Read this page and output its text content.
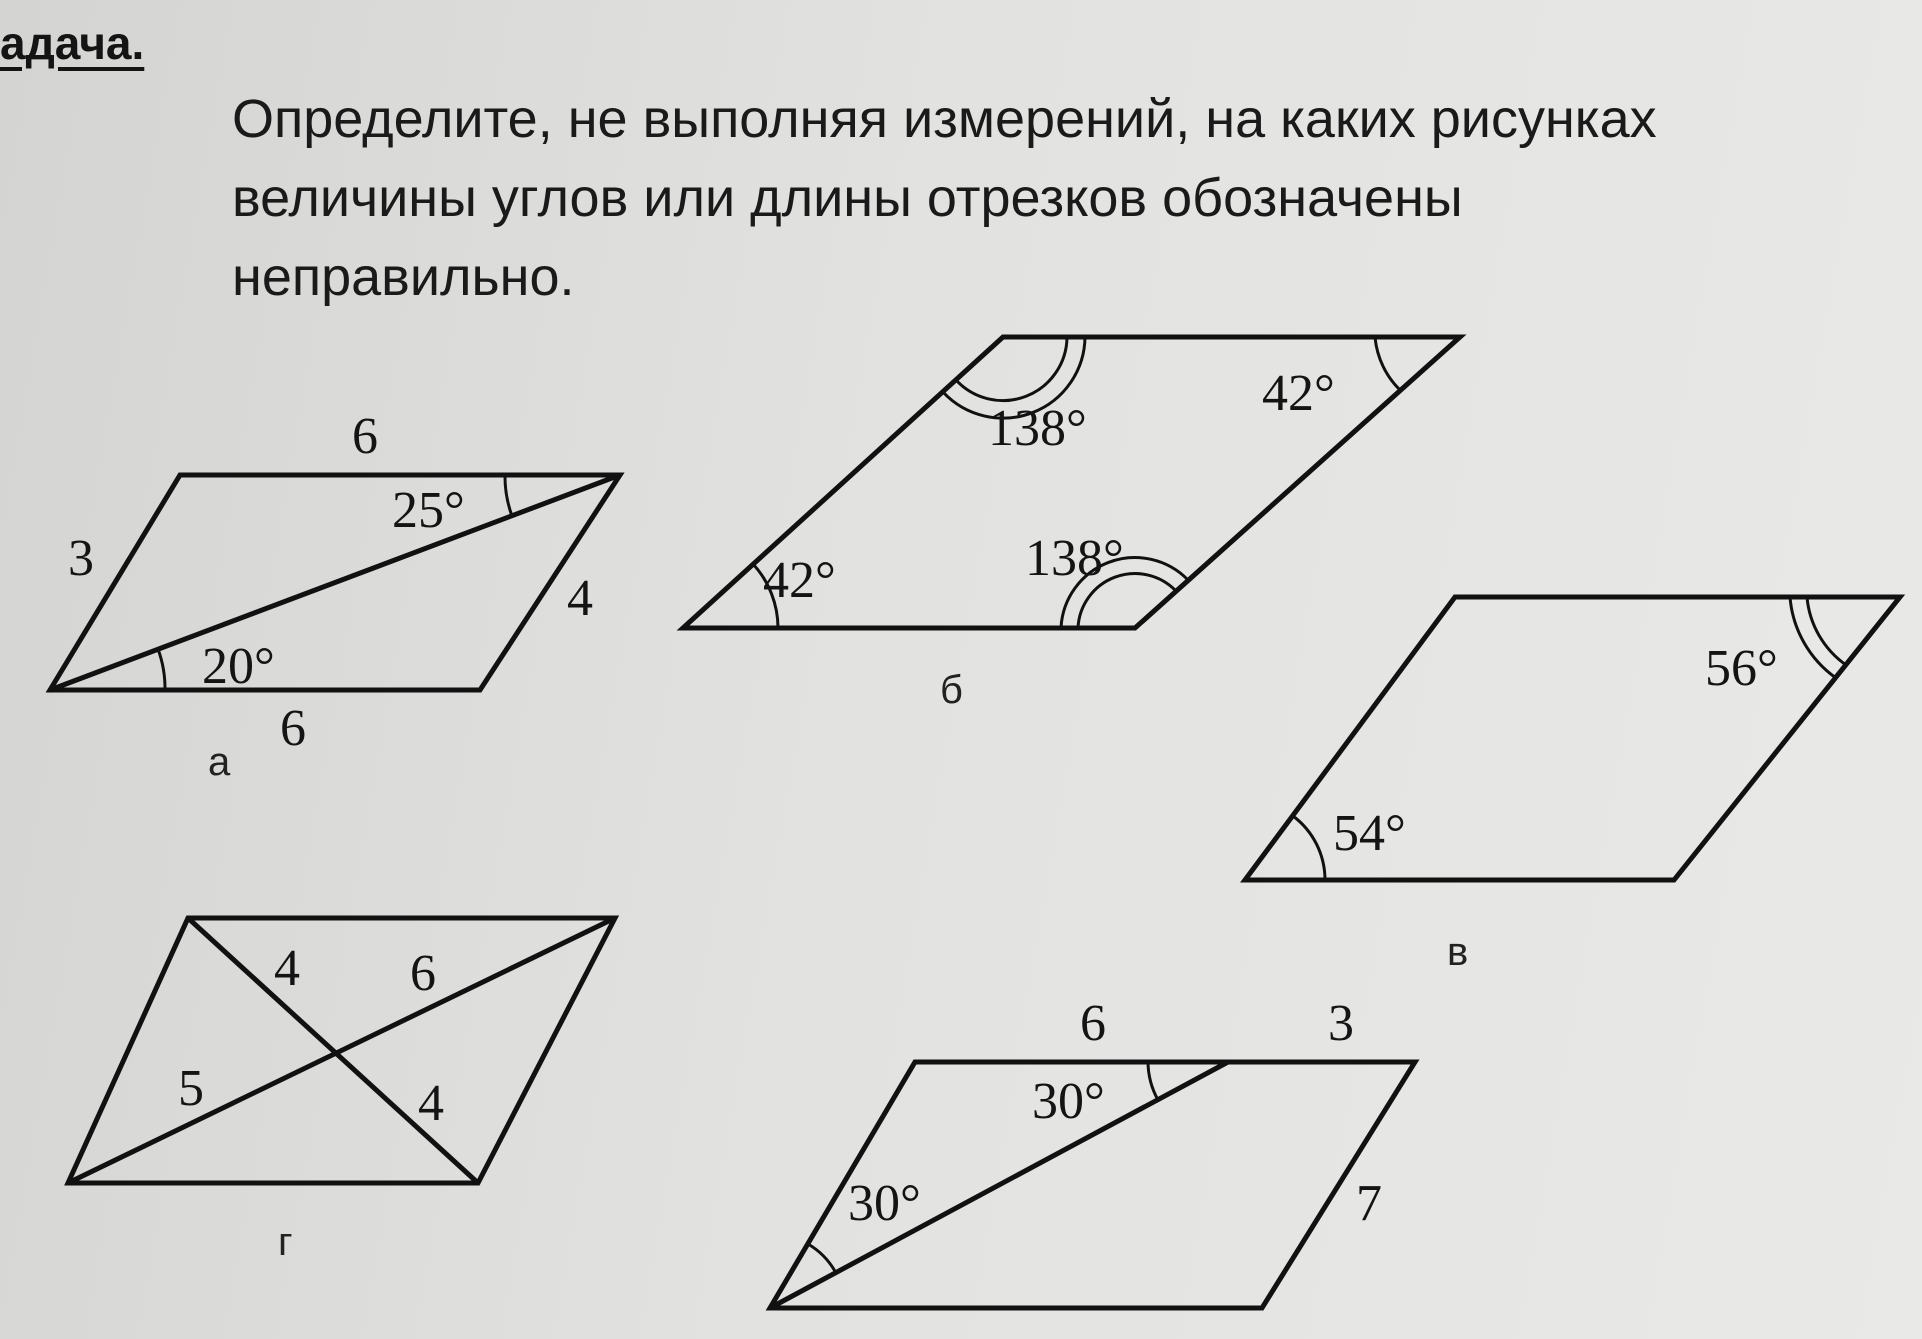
адача.
Определите, не выполняя измерений, на каких рисунках
величины углов или длины отрезков обозначены
неправильно.
6
3
4
6
25°
20°
а
138°
42°
42°	138°
б	56°
54°
в
4 6
5	4
г
6	3
7
30°
30°
